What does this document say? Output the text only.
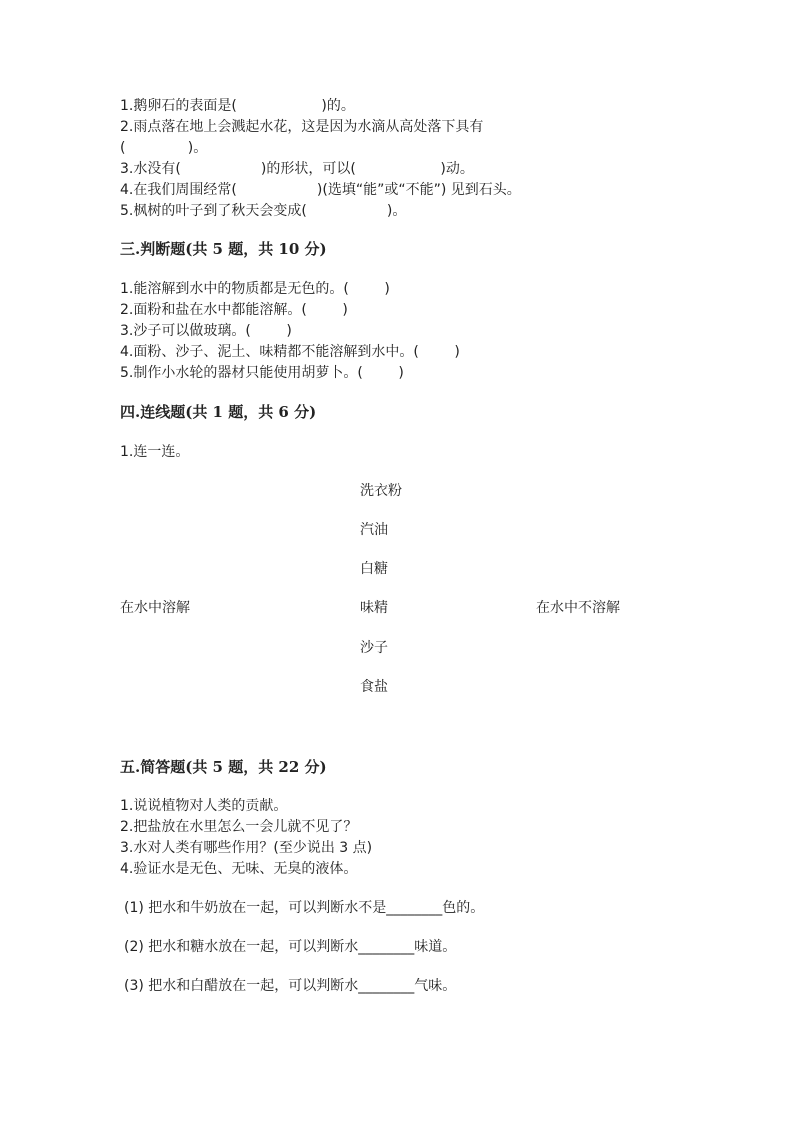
1.鹅卵石的表面是(                   )的。
2.雨点落在地上会溅起水花，这是因为水滴从高处落下具有
(              )。
3.水没有(                  )的形状，可以(                   )动。
4.在我们周围经常(                  )(选填“能”或“不能”) 见到石头。
5.枫树的叶子到了秋天会变成(                  )。
三.判断题(共 5 题，共 10 分)
1.能溶解到水中的物质都是无色的。(        )
2.面粉和盐在水中都能溶解。(        )
3.沙子可以做玻璃。(        )
4.面粉、沙子、泥土、味精都不能溶解到水中。(        )
5.制作小水轮的器材只能使用胡萝卜。(        )
四.连线题(共 1 题，共 6 分)
1.连一连。
洗衣粉
汽油
白糖
在水中溶解	味精	在水中不溶解
沙子
食盐
五.简答题(共 5 题，共 22 分)
1.说说植物对人类的贡献。
2.把盐放在水里怎么一会儿就不见了？
3.水对人类有哪些作用？(至少说出 3 点)
4.验证水是无色、无味、无臭的液体。
(1) 把水和牛奶放在一起，可以判断水不是________色的。
(2) 把水和糖水放在一起，可以判断水________味道。
(3) 把水和白醋放在一起，可以判断水________气味。
